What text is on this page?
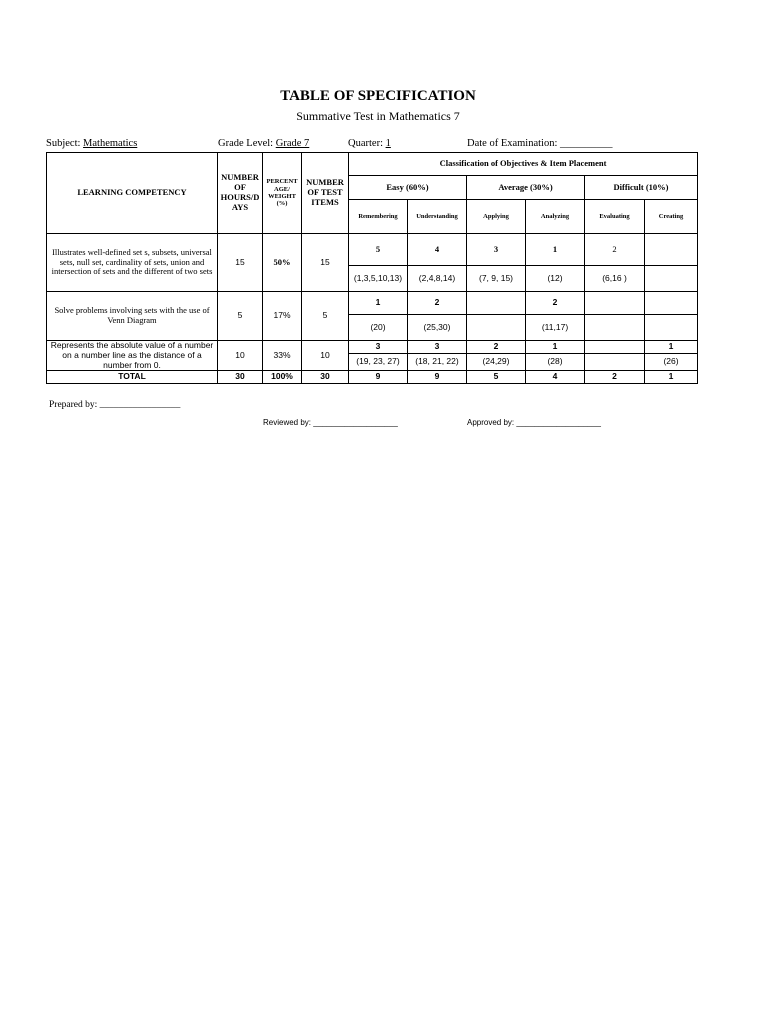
TABLE OF SPECIFICATION
Summative Test in Mathematics 7
Subject: Mathematics	Grade Level: Grade 7	Quarter: 1	Date of Examination: __________
LEARNING COMPETENCY	NUMBER OF HOURS/D AYS	PERCENT AGE/ WEIGHT (%)	NUMBER OF TEST ITEMS	Classification of Objectives & Item Placement					
				Easy (60%)		Average (30%)		Difficult (10%)	
				Remembering	Understanding	Applying	Analyzing	Evaluating	Creating
Illustrates well-defined set s, subsets, universal sets, null set, cardinality of sets, union and intersection of sets and the different of two sets	15	50%	15	5	4	3	1	2	
				(1,3,5,10,13)	(2,4,8,14)	(7, 9, 15)	(12)	(6,16 )	
Solve problems involving sets with the use of Venn Diagram	5	17%	5	1	2		2		
				(20)	(25,30)		(11,17)		
Represents the absolute value of a number on a number line as the distance of a number from 0.	10	33%	10	3	3	2	1		1
				(19, 23, 27)	(18, 21, 22)	(24,29)	(28)		(26)
TOTAL	30	100%	30	9	9	5	4	2	1
Prepared by: _________________
Reviewed by: ___________________	Approved by: ___________________
